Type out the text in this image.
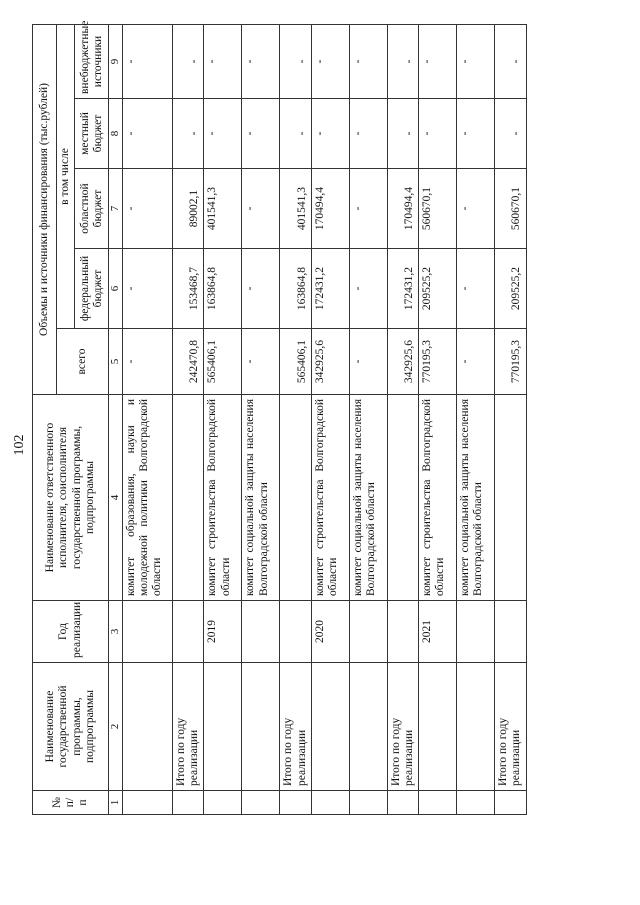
102
№ п/п	Наименование государственной программы, подпрограммы	Год реализации	Наименование ответственного исполнителя, соисполнителя государственной программы, подпрограммы	Объемы и источники финансирования (тыс.рублей)				
				всего	в том числе			
					федеральный бюджет	областной бюджет	местный бюджет	внебюджетные источники
1	2	3	4	5	6	7	8	9
			комитет образования, науки и молодежной политики Волгоградской области	-	-	-	-	-
	Итого по году реализации			242470,8	153468,7	89002,1	-	-
		2019	комитет строительства Волгоградской области	565406,1	163864,8	401541,3	-	-
			комитет социальной защиты населения Волгоградской области	-	-	-	-	-
	Итого по году реализации			565406,1	163864,8	401541,3	-	-
		2020	комитет строительства Волгоградской области	342925,6	172431,2	170494,4	-	-
			комитет социальной защиты населения Волгоградской области	-	-	-	-	-
	Итого по году реализации			342925,6	172431,2	170494,4	-	-
		2021	комитет строительства Волгоградской области	770195,3	209525,2	560670,1	-	-
			комитет социальной защиты населения Волгоградской области	-	-	-	-	-
	Итого по году реализации			770195,3	209525,2	560670,1	-	-
